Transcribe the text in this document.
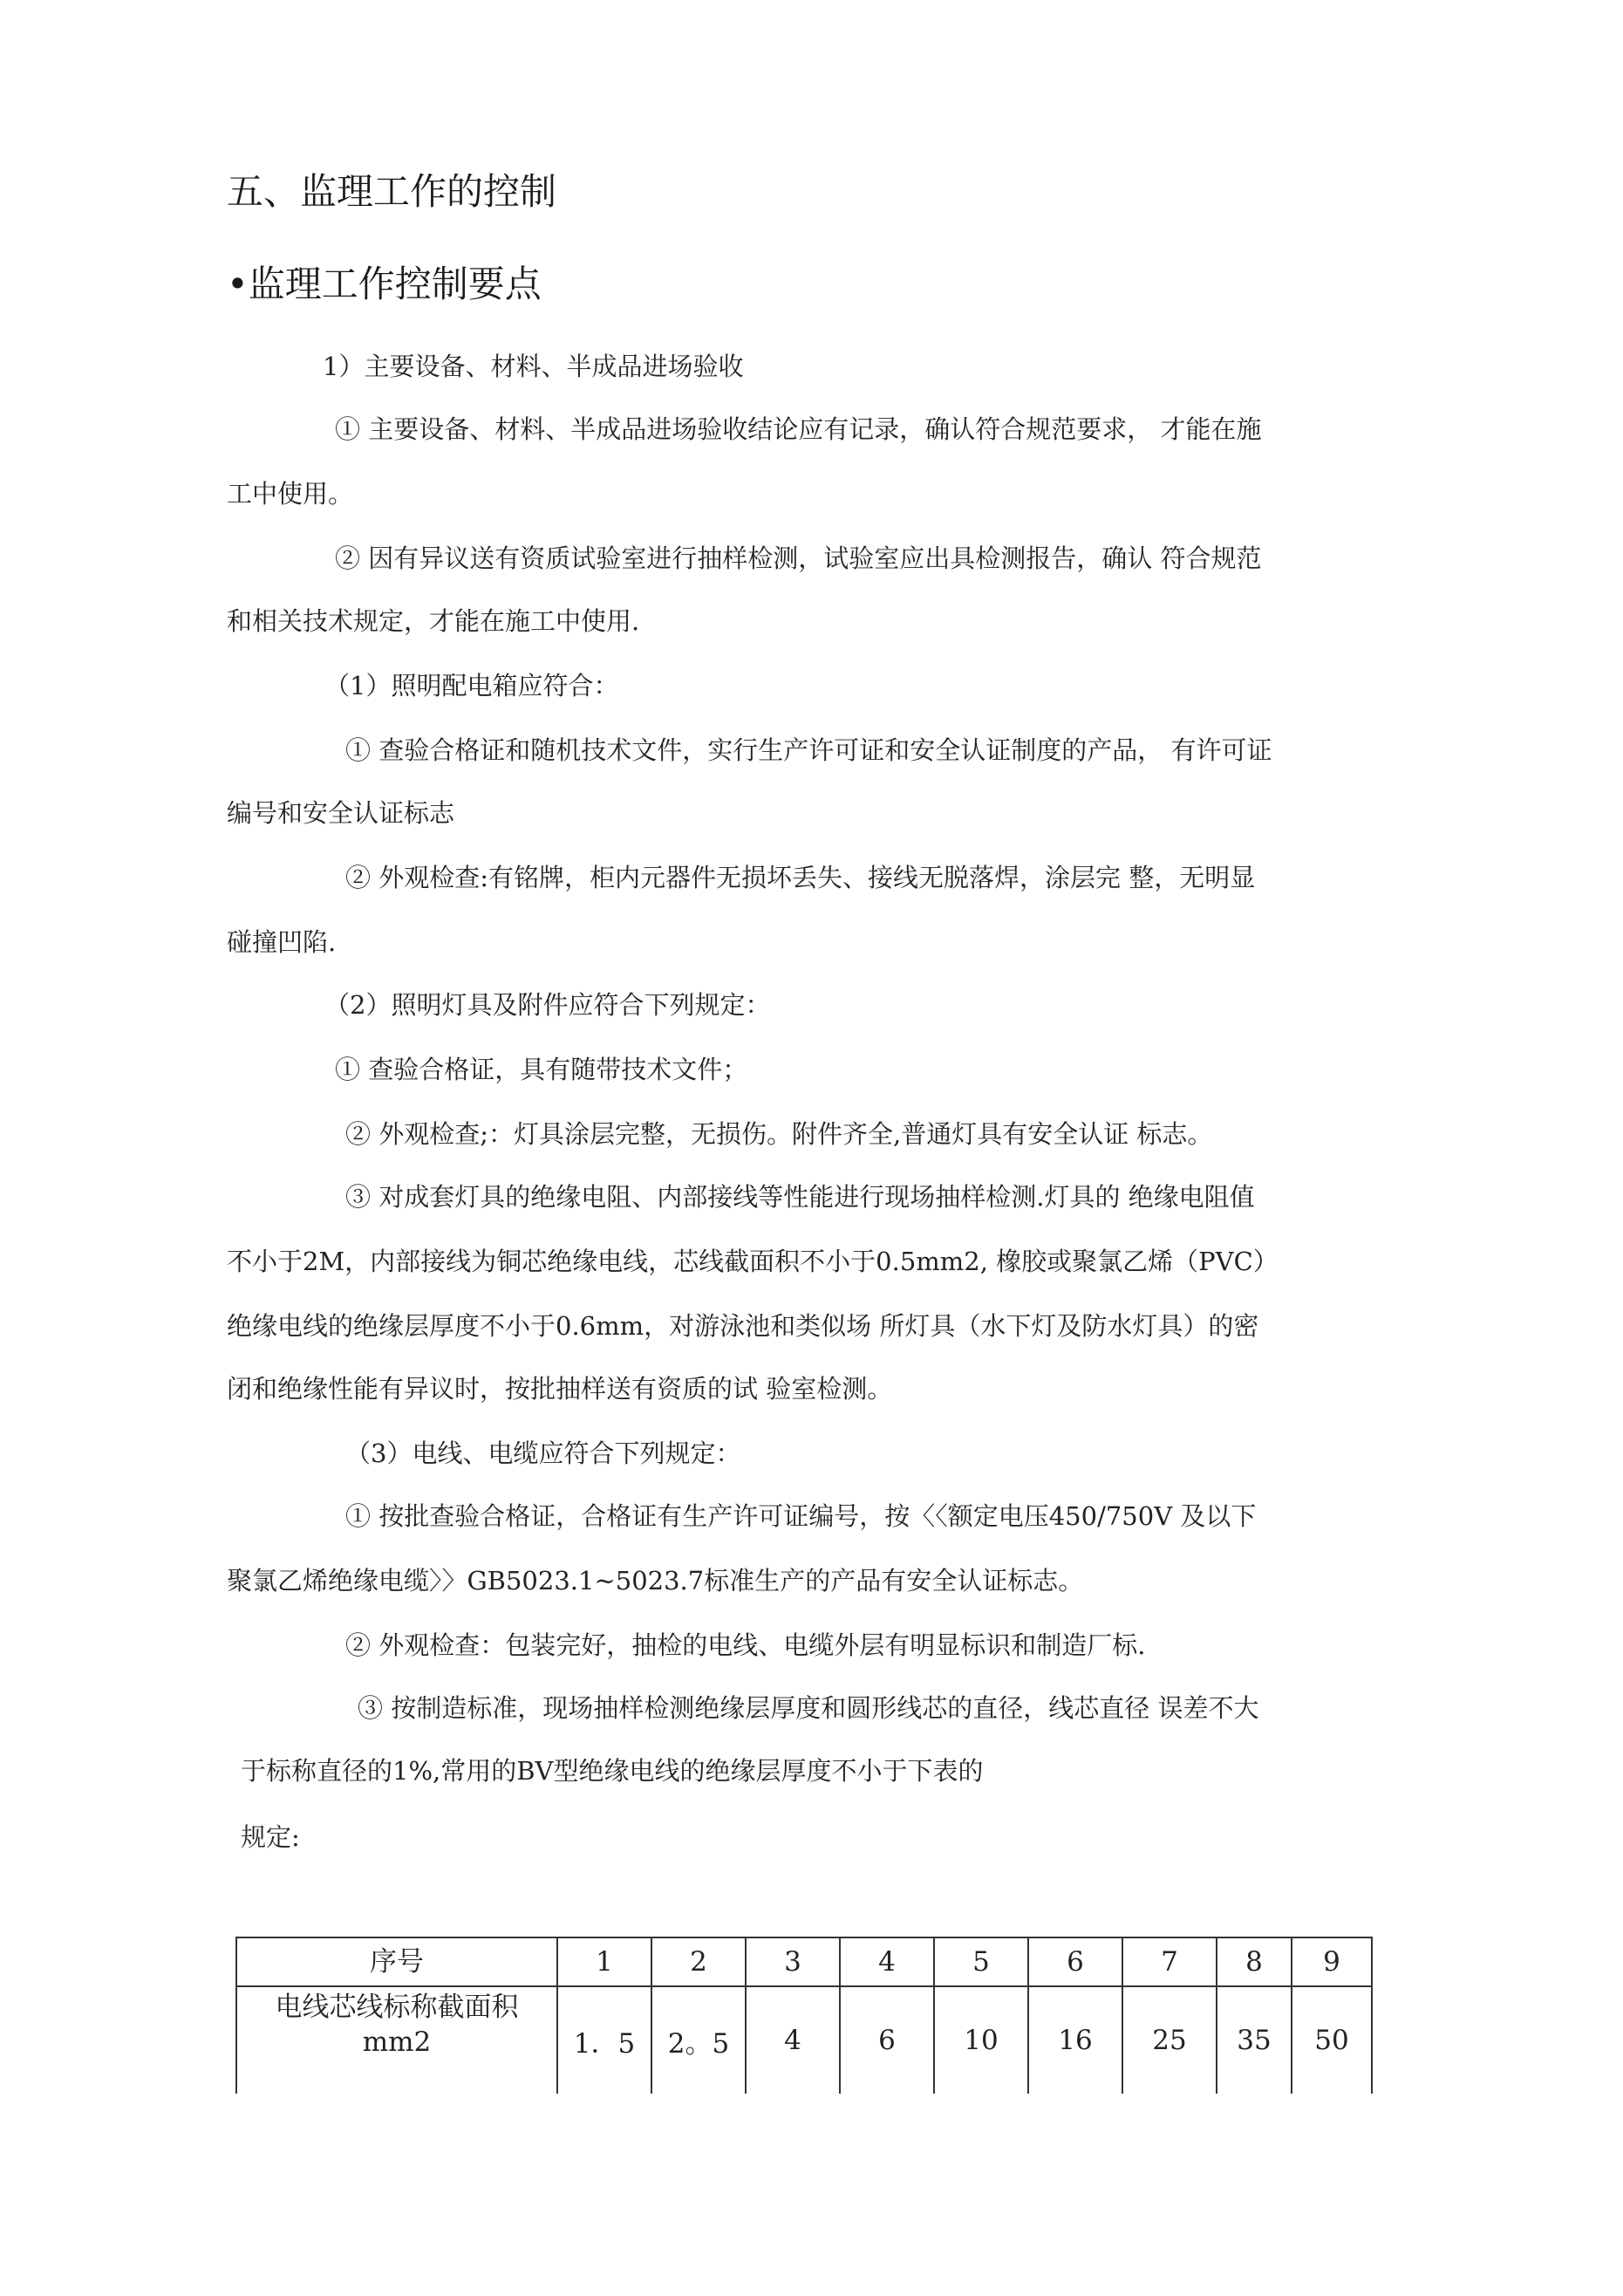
五、监理工作的控制
•监理工作控制要点
1）主要设备、材料、半成品进场验收
① 主要设备、材料、半成品进场验收结论应有记录，确认符合规范要求， 才能在施
工中使用。
② 因有异议送有资质试验室进行抽样检测，试验室应出具检测报告，确认 符合规范
和相关技术规定，才能在施工中使用.
（1）照明配电箱应符合：
① 查验合格证和随机技术文件，实行生产许可证和安全认证制度的产品， 有许可证
编号和安全认证标志
② 外观检查:有铭牌，柜内元器件无损坏丢失、接线无脱落焊，涂层完 整，无明显
碰撞凹陷.
（2）照明灯具及附件应符合下列规定：
① 查验合格证，具有随带技术文件；
② 外观检查;：灯具涂层完整，无损伤。附件齐全,普通灯具有安全认证 标志。
③ 对成套灯具的绝缘电阻、内部接线等性能进行现场抽样检测.灯具的 绝缘电阻值
不小于2M，内部接线为铜芯绝缘电线，芯线截面积不小于0.5mm2, 橡胶或聚氯乙烯（PVC）
绝缘电线的绝缘层厚度不小于0.6mm，对游泳池和类似场 所灯具（水下灯及防水灯具）的密
闭和绝缘性能有异议时，按批抽样送有资质的试 验室检测。
（3）电线、电缆应符合下列规定：
① 按批查验合格证，合格证有生产许可证编号，按〈〈额定电压450/750V 及以下
聚氯乙烯绝缘电缆〉〉GB5023.1~5023.7标准生产的产品有安全认证标志。
② 外观检查：包装完好，抽检的电线、电缆外层有明显标识和制造厂标.
③ 按制造标准，现场抽样检测绝缘层厚度和圆形线芯的直径，线芯直径 误差不大
于标称直径的1%,常用的BV型绝缘电线的绝缘层厚度不小于下表的
规定:
序号	1	2	3	4	5	6	7	8	9

电线芯线标称截面积
mm2	1．5	2。5	4	6	10	16	25	35	50
